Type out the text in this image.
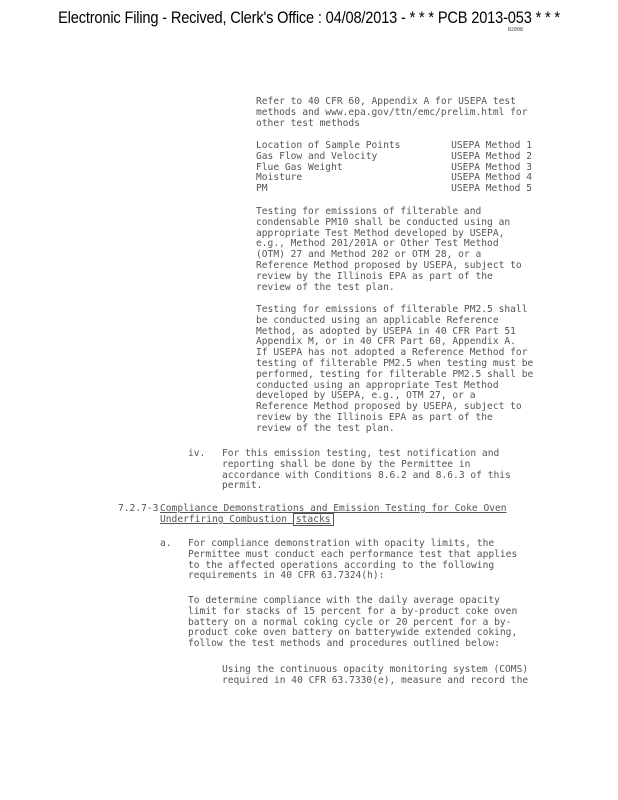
Electronic Filing - Recived, Clerk's Office : 04/08/2013 - * * * PCB 2013-053 * * *
R2008

Refer to 40 CFR 60, Appendix A for USEPA test

methods and www.epa.gov/ttn/emc/prelim.html for

other test methods

Location of Sample Points	USEPA Method 1
Gas Flow and Velocity	USEPA Method 2
Flue Gas Weight	USEPA Method 3
Moisture	USEPA Method 4
PM	USEPA Method 5

Testing for emissions of filterable and

condensable PM10 shall be conducted using an

appropriate Test Method developed by USEPA,

e.g., Method 201/201A or Other Test Method

(OTM) 27 and Method 202 or OTM 28, or a

Reference Method proposed by USEPA, subject to

review by the Illinois EPA as part of the

review of the test plan.

Testing for emissions of filterable PM2.5 shall

be conducted using an applicable Reference

Method, as adopted by USEPA in 40 CFR Part 51

Appendix M, or in 40 CFR Part 60, Appendix A.

If USEPA has not adopted a Reference Method for

testing of filterable PM2.5 when testing must be

performed, testing for filterable PM2.5 shall be

conducted using an appropriate Test Method

developed by USEPA, e.g., OTM 27, or a

Reference Method proposed by USEPA, subject to

review by the Illinois EPA as part of the

review of the test plan.

iv. For this emission testing, test notification and

reporting shall be done by the Permittee in

accordance with Conditions 8.6.2 and 8.6.3 of this

permit.

7.2.7-3 Compliance Demonstrations and Emission Testing for Coke Oven

Underfiring Combustion stacks

a. For compliance demonstration with opacity limits, the

Permittee must conduct each performance test that applies

to the affected operations according to the following

requirements in 40 CFR 63.7324(h):

To determine compliance with the daily average opacity

limit for stacks of 15 percent for a by-product coke oven

battery on a normal coking cycle or 20 percent for a by-

product coke oven battery on batterywide extended coking,

follow the test methods and procedures outlined below:

Using the continuous opacity monitoring system (COMS)

required in 40 CFR 63.7330(e), measure and record the
